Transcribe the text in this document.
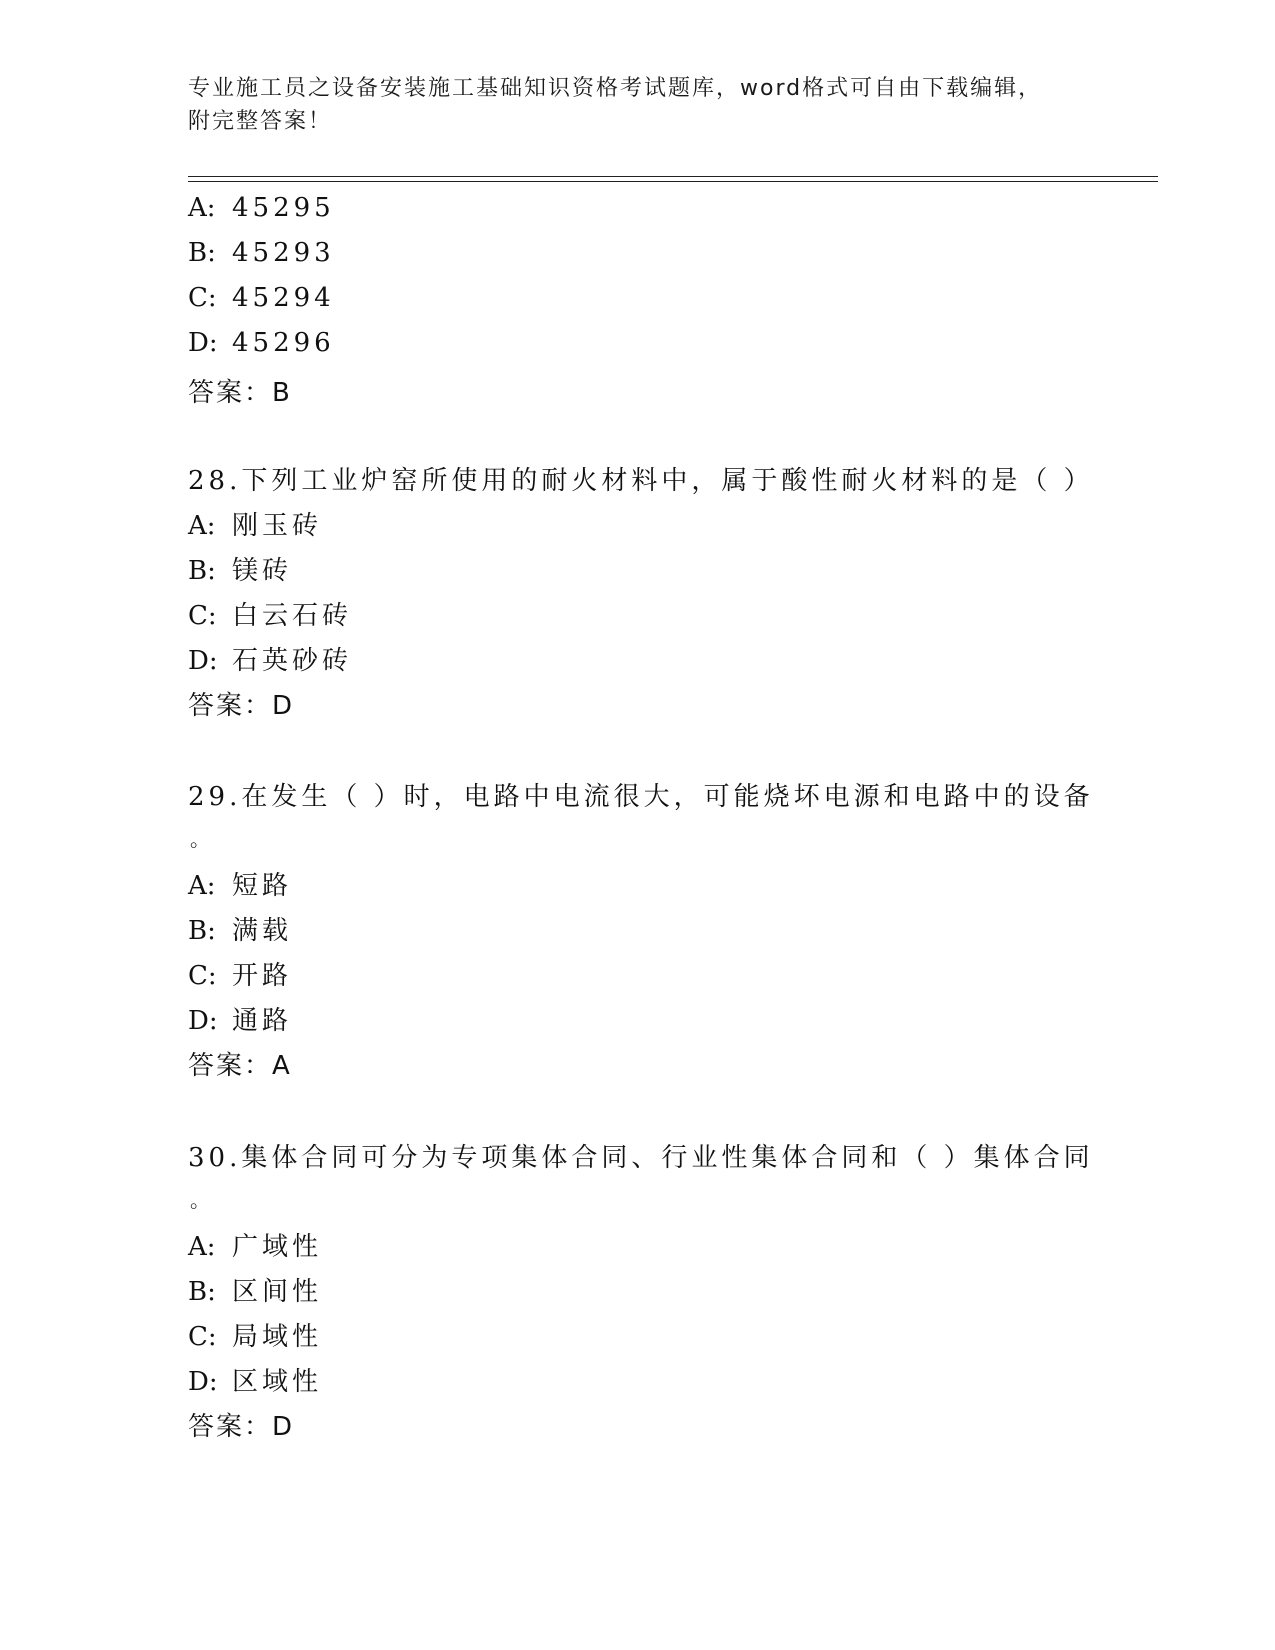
专业施工员之设备安装施工基础知识资格考试题库，word格式可自由下载编辑，
附完整答案！
A: 45295
B: 45293
C: 45294
D: 45296
答案：B
28.下列工业炉窑所使用的耐火材料中，属于酸性耐火材料的是（ ）
A: 刚玉砖
B: 镁砖
C: 白云石砖
D: 石英砂砖
答案：D
29.在发生（ ）时，电路中电流很大，可能烧坏电源和电路中的设备
。
A: 短路
B: 满载
C: 开路
D: 通路
答案：A
30.集体合同可分为专项集体合同、行业性集体合同和（ ）集体合同
。
A: 广域性
B: 区间性
C: 局域性
D: 区域性
答案：D
